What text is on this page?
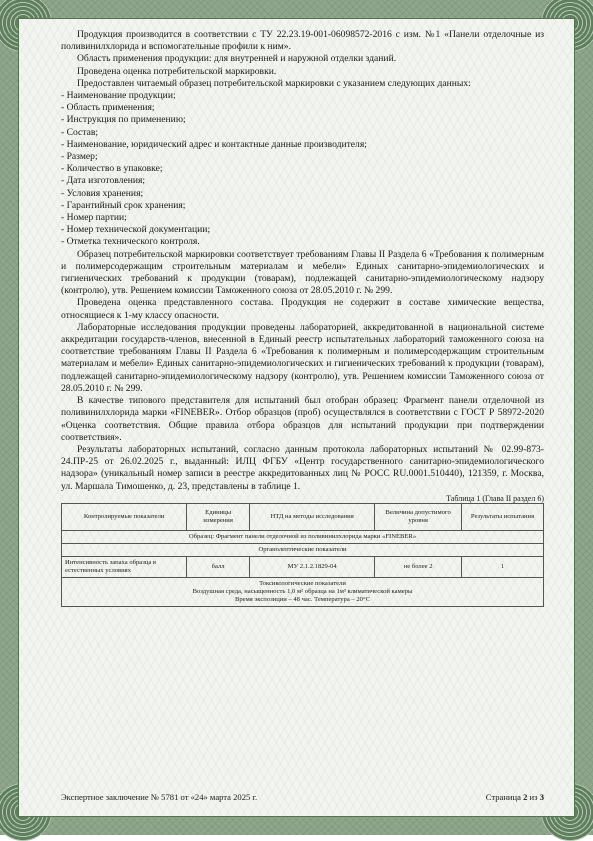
Продукция производится в соответствии с ТУ 22.23.19-001-06098572-2016 с изм. №1 «Панели отделочные из поливинилхлорида и вспомогательные профили к ним».

Область применения продукции: для внутренней и наружной отделки зданий.

Проведена оценка потребительской маркировки.

Предоставлен читаемый образец потребительской маркировки с указанием следующих данных:

- Наименование продукции;
- Область применения;
- Инструкция по применению;
- Состав;
- Наименование, юридический адрес и контактные данные производителя;
- Размер;
- Количество в упаковке;
- Дата изготовления;
- Условия хранения;
- Гарантийный срок хранения;
- Номер партии;
- Номер технической документации;
- Отметка технического контроля.

Образец потребительской маркировки соответствует требованиям Главы II Раздела 6 «Требования к полимерным и полимерсодержащим строительным материалам и мебели» Единых санитарно-эпидемиологических и гигиенических требований к продукции (товарам), подлежащей санитарно-эпидемиологическому надзору (контролю), утв. Решением комиссии Таможенного союза от 28.05.2010 г. № 299.

Проведена оценка представленного состава. Продукция не содержит в составе химические вещества, относящиеся к 1-му классу опасности.

Лабораторные исследования продукции проведены лабораторией, аккредитованной в национальной системе аккредитации государств-членов, внесенной в Единый реестр испытательных лабораторий таможенного союза на соответствие требованиям Главы II Раздела 6 «Требования к полимерным и полимерсодержащим строительным материалам и мебели» Единых санитарно-эпидемиологических и гигиенических требований к продукции (товарам), подлежащей санитарно-эпидемиологическому надзору (контролю), утв. Решением комиссии Таможенного союза от 28.05.2010 г. № 299.

В качестве типового представителя для испытаний был отобран образец: Фрагмент панели отделочной из поливинилхлорида марки «FINEBER». Отбор образцов (проб) осуществлялся в соответствии с ГОСТ Р 58972-2020 «Оценка соответствия. Общие правила отбора образцов для испытаний продукции при подтверждении соответствия».

Результаты лабораторных испытаний, согласно данным протокола лабораторных испытаний № 02.99-873-24.ПР-25 от 26.02.2025 г., выданный: ИЛЦ ФГБУ «Центр государственного санитарно-эпидемиологического надзора» (уникальный номер записи в реестре аккредитованных лиц № РОСС RU.0001.510440), 121359, г. Москва, ул. Маршала Тимошенко, д. 23, представлены в таблице 1.

Таблица 1 (Глава II раздел 6)
Контролируемые показатели	Единицы измерения	НТД на методы исследования	Величина допустимого уровня	Результаты испытания
Образец: Фрагмент панели отделочной из поливинилхлорида марки «FINEBER»				
Органолептические показатели				
Интенсивность запаха образца в естественных условиях	балл	МУ 2.1.2.1829-04	не более 2	1

Токсикологические показатели
Воздушная среда, насыщенность 1,0 м² образца на 1м³ климатической камеры
Время экспозиции – 48 час. Температура – 20°С				
Экспертное заключение № 5781 от «24» марта 2025 г.	Страница 2 из 3
